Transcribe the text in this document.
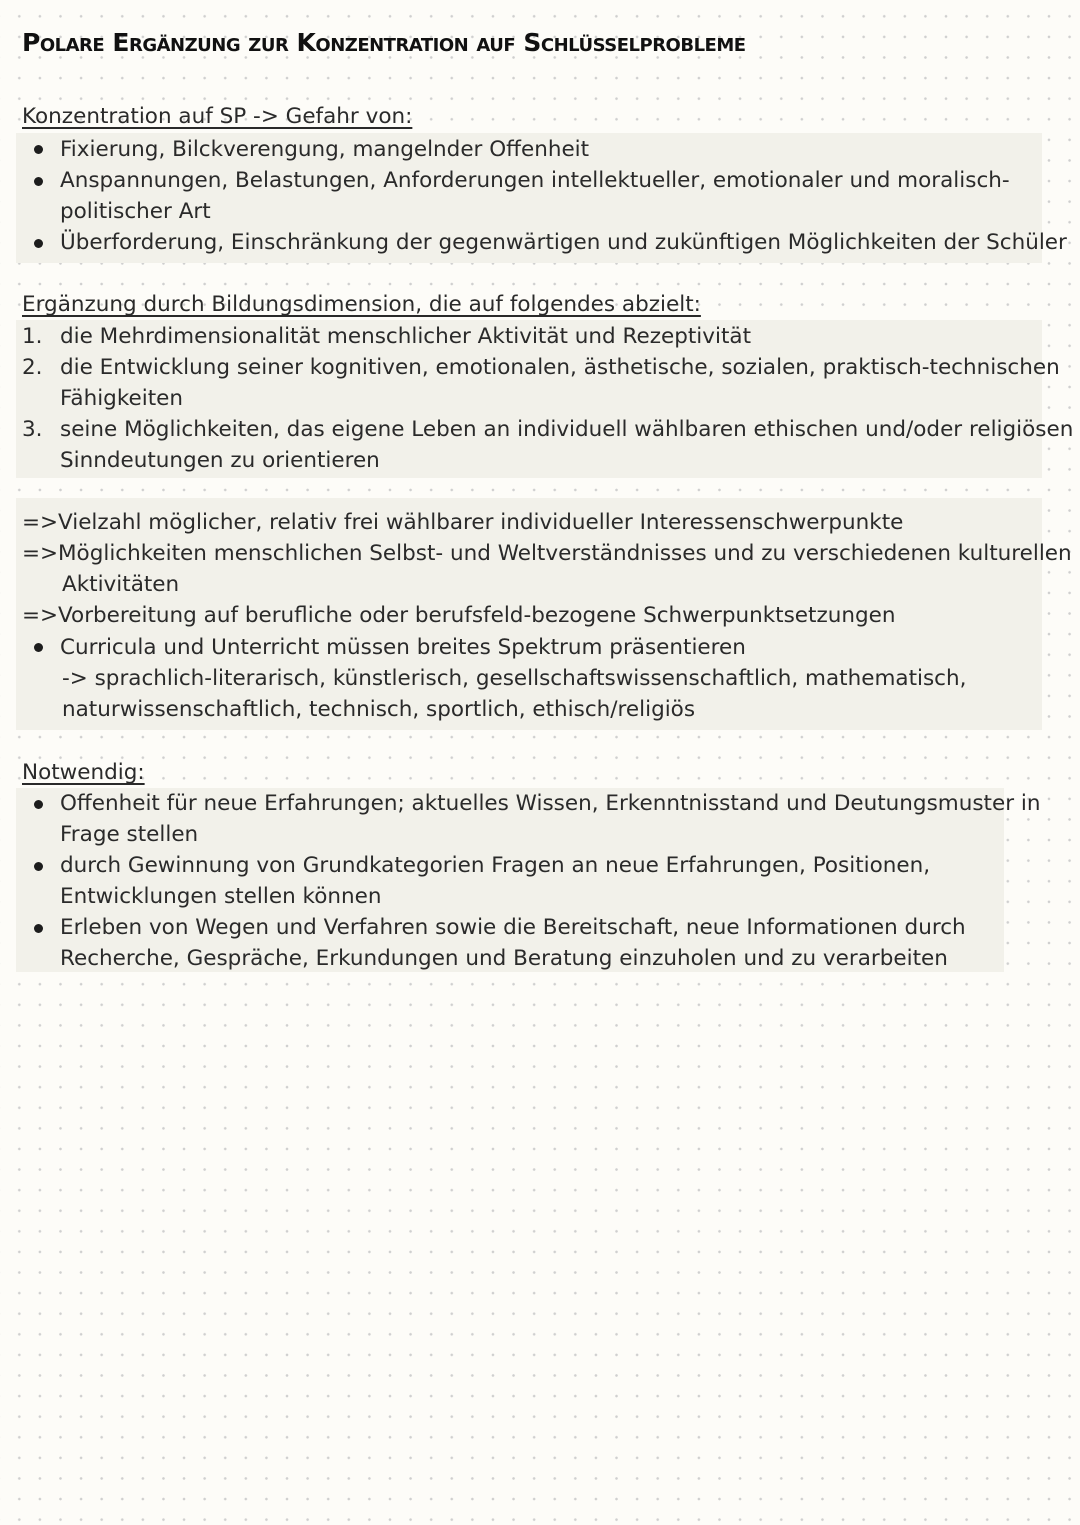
Polare Ergänzung zur Konzentration auf Schlüsselprobleme
Konzentration auf SP -> Gefahr von:
Fixierung, Bilckverengung, mangelnder Offenheit
Anspannungen, Belastungen, Anforderungen intellektueller, emotionaler und moralisch-
politischer Art
Überforderung, Einschränkung der gegenwärtigen und zukünftigen Möglichkeiten der Schüler
Ergänzung durch Bildungsdimension, die auf folgendes abzielt:
1. die Mehrdimensionalität menschlicher Aktivität und Rezeptivität
2. die Entwicklung seiner kognitiven, emotionalen, ästhetische, sozialen, praktisch-technischen
Fähigkeiten
3. seine Möglichkeiten, das eigene Leben an individuell wählbaren ethischen und/oder religiösen
Sinndeutungen zu orientieren
=> Vielzahl möglicher, relativ frei wählbarer individueller Interessenschwerpunkte
=> Möglichkeiten menschlichen Selbst- und Weltverständnisses und zu verschiedenen kulturellen
Aktivitäten
=> Vorbereitung auf berufliche oder berufsfeld-bezogene Schwerpunktsetzungen
Curricula und Unterricht müssen breites Spektrum präsentieren
-> sprachlich-literarisch, künstlerisch, gesellschaftswissenschaftlich, mathematisch,
naturwissenschaftlich, technisch, sportlich, ethisch/religiös
Notwendig:
Offenheit für neue Erfahrungen; aktuelles Wissen, Erkenntnisstand und Deutungsmuster in
Frage stellen
durch Gewinnung von Grundkategorien Fragen an neue Erfahrungen, Positionen,
Entwicklungen stellen können
Erleben von Wegen und Verfahren sowie die Bereitschaft, neue Informationen durch
Recherche, Gespräche, Erkundungen und Beratung einzuholen und zu verarbeiten
